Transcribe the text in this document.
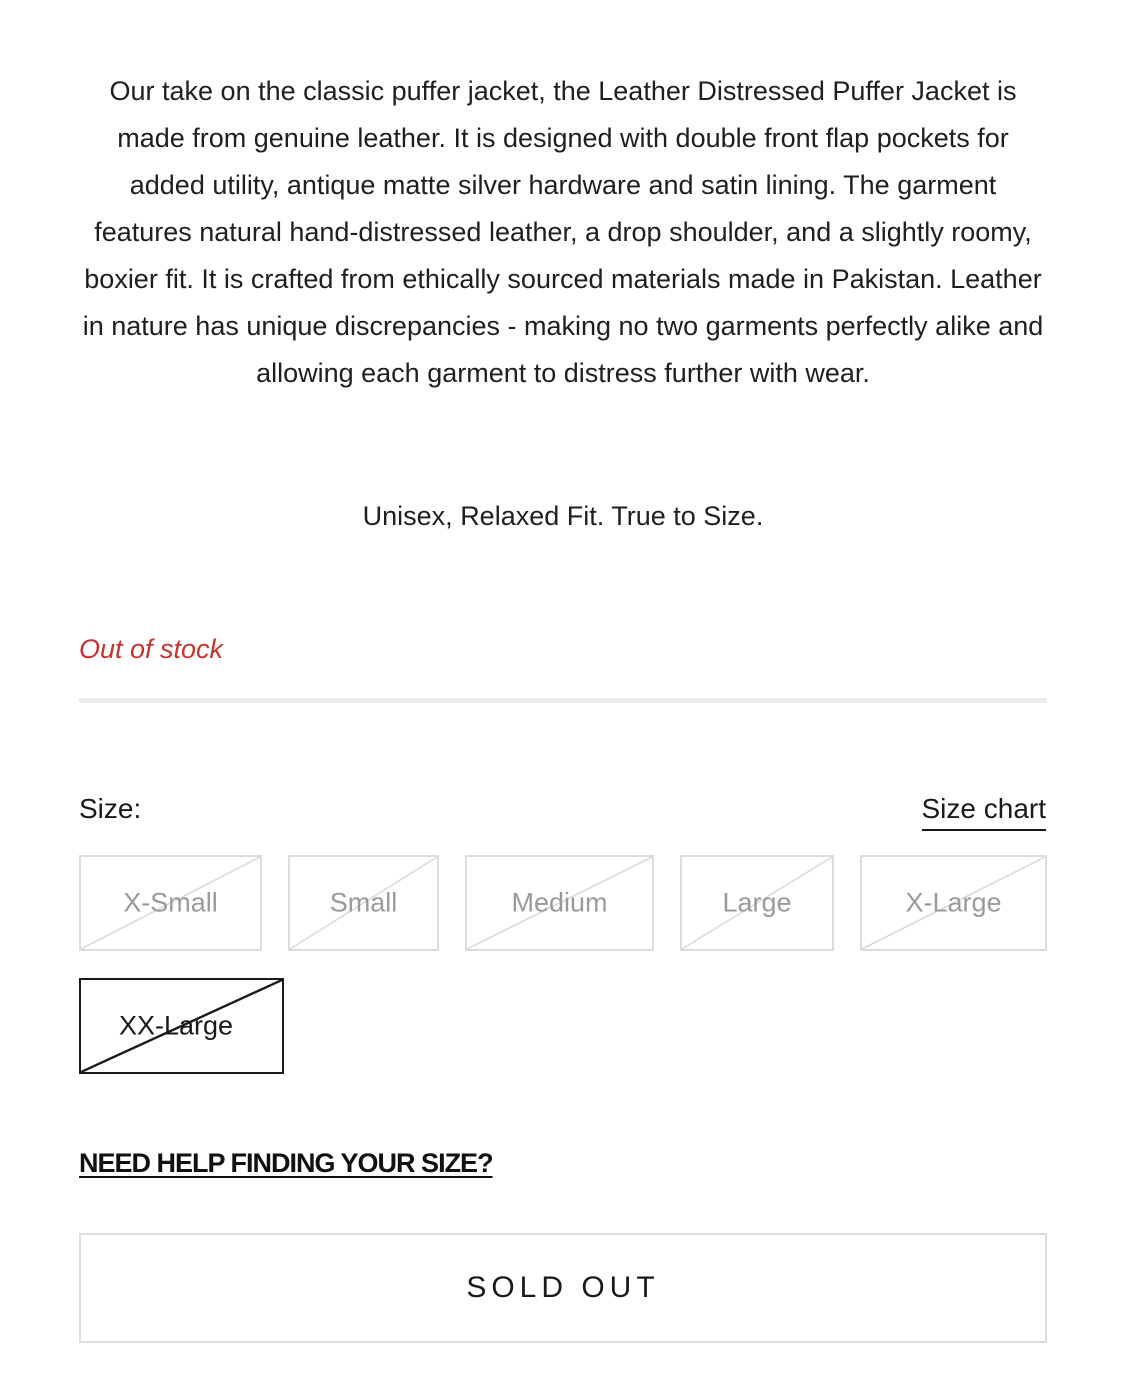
Our take on the classic puffer jacket, the Leather Distressed Puffer Jacket is made from genuine leather. It is designed with double front flap pockets for added utility, antique matte silver hardware and satin lining. The garment features natural hand-distressed leather, a drop shoulder, and a slightly roomy, boxier fit. It is crafted from ethically sourced materials made in Pakistan. Leather in nature has unique discrepancies - making no two garments perfectly alike and allowing each garment to distress further with wear.

Unisex, Relaxed Fit. True to Size.

Out of stock
Size:	Size chart
X-Small	Small	Medium	Large	X-Large
XX-Large
NEED HELP FINDING YOUR SIZE?
SOLD OUT
